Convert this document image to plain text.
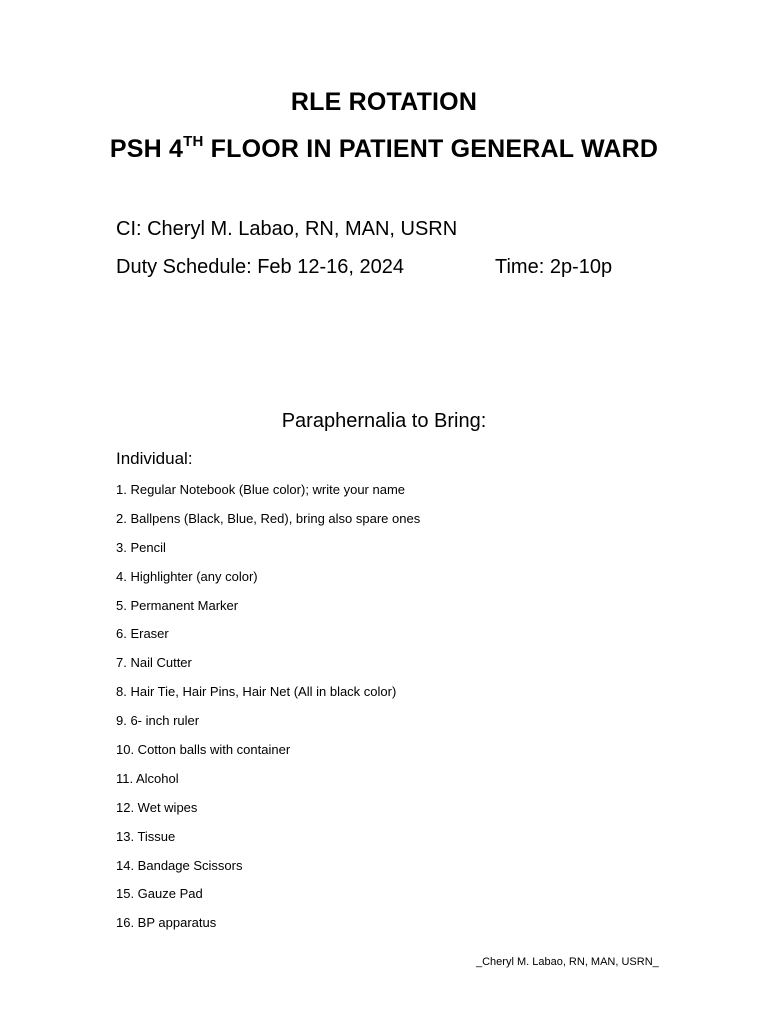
RLE ROTATION
PSH 4TH FLOOR IN PATIENT GENERAL WARD
CI: Cheryl M. Labao, RN, MAN, USRN
Duty Schedule: Feb 12-16, 2024	Time: 2p-10p
Paraphernalia to Bring:
Individual:
1. Regular Notebook (Blue color); write your name
2. Ballpens (Black, Blue, Red), bring also spare ones
3. Pencil
4. Highlighter (any color)
5. Permanent Marker
6. Eraser
7. Nail Cutter
8. Hair Tie, Hair Pins, Hair Net (All in black color)
9. 6- inch ruler
10. Cotton balls with container
11. Alcohol
12. Wet wipes
13. Tissue
14. Bandage Scissors
15. Gauze Pad
16. BP apparatus
_Cheryl M. Labao, RN, MAN, USRN_
